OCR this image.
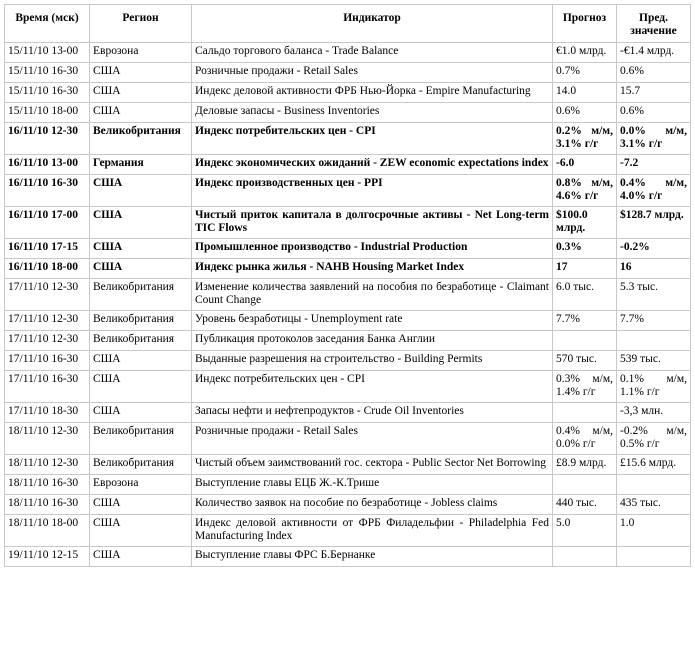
Время (мск)	Регион	Индикатор	Прогноз	Пред. значение
15/11/10 13-00	Еврозона	Сальдо торгового баланса - Trade Balance	€1.0 млрд.	-€1.4 млрд.
15/11/10 16-30	США	Розничные продажи - Retail Sales	0.7%	0.6%
15/11/10 16-30	США	Индекс деловой активности ФРБ Нью-Йорка - Empire Manufacturing	14.0	15.7
15/11/10 18-00	США	Деловые запасы - Business Inventories	0.6%	0.6%
16/11/10 12-30	Великобритания	Индекс потребительских цен - CPI	0.2% м/м, 3.1% г/г	0.0% м/м, 3.1% г/г
16/11/10 13-00	Германия	Индекс экономических ожиданий - ZEW economic expectations index	-6.0	-7.2
16/11/10 16-30	США	Индекс производственных цен - PPI	0.8% м/м, 4.6% г/г	0.4% м/м, 4.0% г/г
16/11/10 17-00	США	Чистый приток капитала в долгосрочные активы - Net Long-term TIC Flows	$100.0 млрд.	$128.7 млрд.
16/11/10 17-15	США	Промышленное производство - Industrial Production	0.3%	-0.2%
16/11/10 18-00	США	Индекс рынка жилья - NAHB Housing Market Index	17	16
17/11/10 12-30	Великобритания	Изменение количества заявлений на пособия по безработице - Claimant Count Change	6.0 тыс.	5.3 тыс.
17/11/10 12-30	Великобритания	Уровень безработицы - Unemployment rate	7.7%	7.7%
17/11/10 12-30	Великобритания	Публикация протоколов заседания Банка Англии		
17/11/10 16-30	США	Выданные разрешения на строительство - Building Permits	570 тыс.	539 тыс.
17/11/10 16-30	США	Индекс потребительских цен - CPI	0.3% м/м, 1.4% г/г	0.1% м/м, 1.1% г/г
17/11/10 18-30	США	Запасы нефти и нефтепродуктов - Crude Oil Inventories		-3,3 млн.
18/11/10 12-30	Великобритания	Розничные продажи - Retail Sales	0.4% м/м, 0.0% г/г	-0.2% м/м, 0.5% г/г
18/11/10 12-30	Великобритания	Чистый объем заимствований гос. сектора - Public Sector Net Borrowing	£8.9 млрд.	£15.6 млрд.
18/11/10 16-30	Еврозона	Выступление главы ЕЦБ Ж.-К.Трише		
18/11/10 16-30	США	Количество заявок на пособие по безработице - Jobless claims	440 тыс.	435 тыс.
18/11/10 18-00	США	Индекс деловой активности от ФРБ Филадельфии - Philadelphia Fed Manufacturing Index	5.0	1.0
19/11/10 12-15	США	Выступление главы ФРС Б.Бернанке		
